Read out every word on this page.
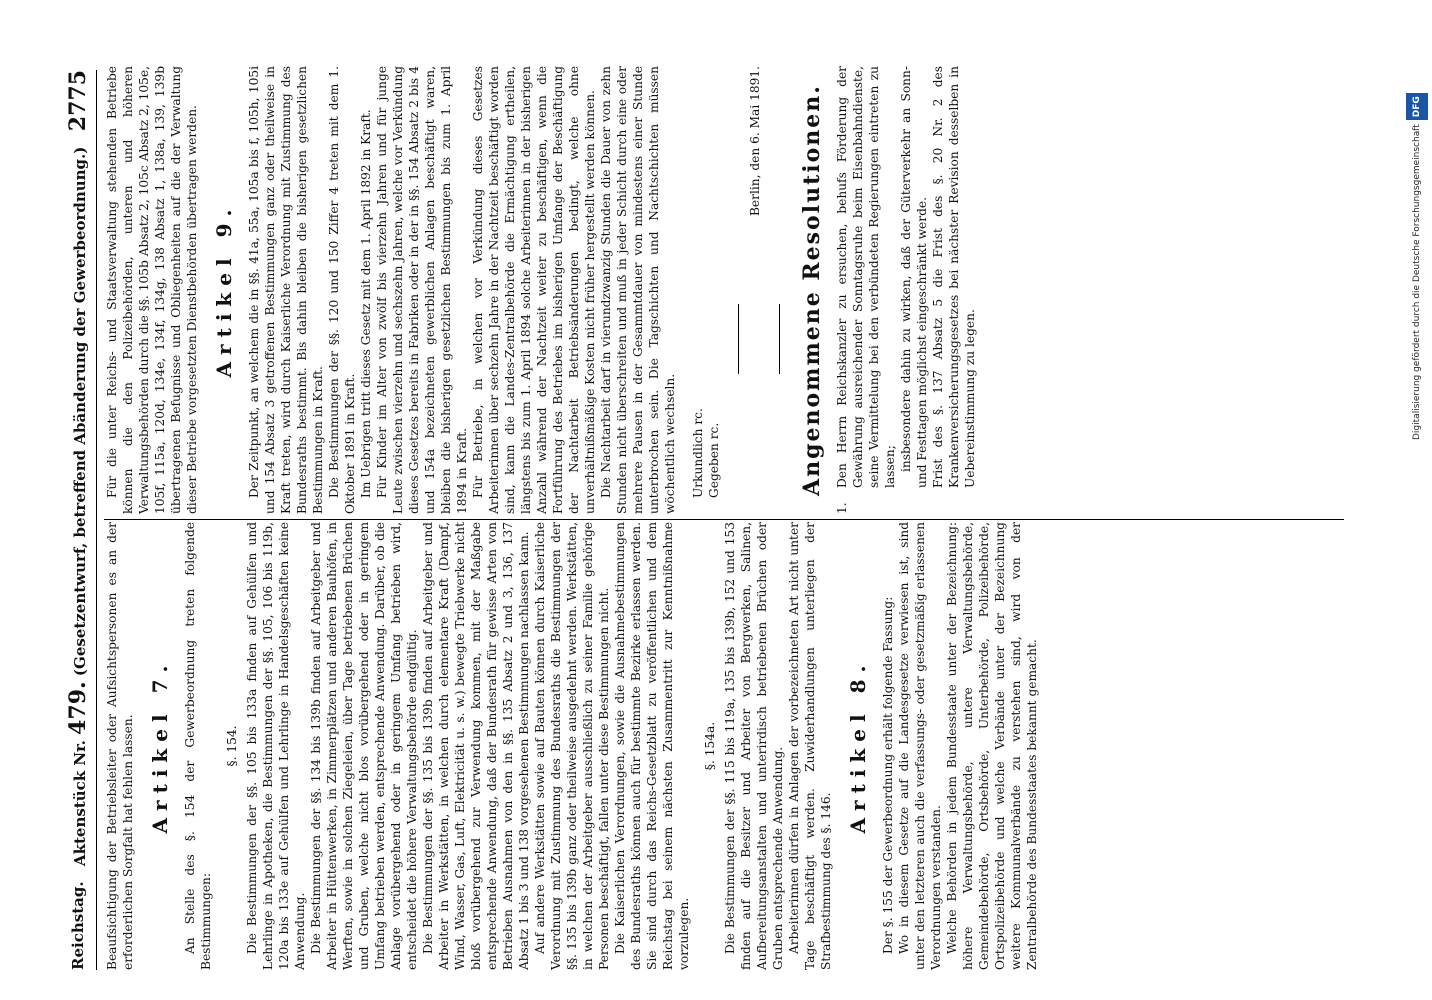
Reichstag.
Aktenstück Nr. 479. (Gesetzentwurf, betreffend Abänderung der Gewerbeordnung.)
2775

Beaufsichtigung der Betriebsleiter oder Aufsichtspersonen es an der erforderlichen Sorgfalt hat fehlen lassen. Artikel 7. An Stelle des §. 154 der Gewerbeordnung treten folgende Bestimmungen:

§. 154. Die Bestimmungen der §§. 105 bis 133a finden auf Gehülfen und Lehrlinge in Apotheken, die Bestimmungen der §§. 105, 106 bis 119b, 120a bis 133e auf Gehülfen und Lehrlinge in Handelsgeschäften keine Anwendung. Die Bestimmungen der §§. 134 bis 139b finden auf Arbeitgeber und Arbeiter in Hüttenwerken, in Zimmerplätzen und anderen Bauhöfen, in Werften, sowie in solchen Ziegeleien, über Tage betriebenen Brüchen und Gruben, welche nicht blos vorübergehend oder in geringem Umfang betrieben werden, entsprechende Anwendung. Darüber, ob die Anlage vorübergehend oder in geringem Umfang betrieben wird, entscheidet die höhere Verwaltungsbehörde endgültig. Die Bestimmungen der §§. 135 bis 139b finden auf Arbeitgeber und Arbeiter in Werkstätten, in welchen durch elementare Kraft (Dampf, Wind, Wasser, Gas, Luft, Elektricität u. s. w.) bewegte Triebwerke nicht bloß vorübergehend zur Verwendung kommen, mit der Maßgabe entsprechende Anwendung, daß der Bundesrath für gewisse Arten von Betrieben Ausnahmen von den in §§. 135 Absatz 2 und 3, 136, 137 Absatz 1 bis 3 und 138 vorgesehenen Bestimmungen nachlassen kann. Auf andere Werkstätten sowie auf Bauten können durch Kaiserliche Verordnung mit Zustimmung des Bundesraths die Bestimmungen der §§. 135 bis 139b ganz oder theilweise ausgedehnt werden. Werkstätten, in welchen der Arbeitgeber ausschließlich zu seiner Familie gehörige Personen beschäftigt, fallen unter diese Bestimmungen nicht. Die Kaiserlichen Verordnungen, sowie die Ausnahmebestimmungen des Bundesraths können auch für bestimmte Bezirke erlassen werden. Sie sind durch das Reichs-Gesetzblatt zu veröffentlichen und dem Reichstag bei seinem nächsten Zusammentritt zur Kenntnißnahme vorzulegen.

§. 154a. Die Bestimmungen der §§. 115 bis 119a, 135 bis 139b, 152 und 153 finden auf die Besitzer und Arbeiter von Bergwerken, Salinen, Aufbereitungsanstalten und unterirdisch betriebenen Brüchen oder Gruben entsprechende Anwendung. Arbeiterinnen dürfen in Anlagen der vorbezeichneten Art nicht unter Tage beschäftigt werden. Zuwiderhandlungen unterliegen der Strafbestimmung des §. 146.

Artikel 8. Der §. 155 der Gewerbeordnung erhält folgende Fassung: Wo in diesem Gesetze auf die Landesgesetze verwiesen ist, sind unter den letzteren auch die verfassungs- oder gesetzmäßig erlassenen Verordnungen verstanden. Welche Behörden in jedem Bundesstaate unter der Bezeichnung: höhere Verwaltungsbehörde, untere Verwaltungsbehörde, Gemeindebehörde, Ortsbehörde, Unterbehörde, Polizeibehörde, Ortspolizeibehörde und welche Verbände unter der Bezeichnung weitere Kommunalverbände zu verstehen sind, wird von der Zentralbehörde des Bundesstaates bekannt gemacht.

Für die unter Reichs- und Staatsverwaltung stehenden Betriebe können die den Polizeibehörden, unteren und höheren Verwaltungsbehörden durch die §§. 105b Absatz 2, 105c Absatz 2, 105e, 105f, 115a, 120d, 134e, 134f, 134g, 138 Absatz 1, 138a, 139, 139b übertragenen Befugnisse und Obliegenheiten auf die der Verwaltung dieser Betriebe vorgesetzten Dienstbehörden übertragen werden. Artikel 9. Der Zeitpunkt, an welchem die in §§. 41a, 55a, 105a bis f, 105h, 105i und 154 Absatz 3 getroffenen Bestimmungen ganz oder theilweise in Kraft treten, wird durch Kaiserliche Verordnung mit Zustimmung des Bundesraths bestimmt. Bis dahin bleiben die bisherigen gesetzlichen Bestimmungen in Kraft. Die Bestimmungen der §§. 120 und 150 Ziffer 4 treten mit dem 1. Oktober 1891 in Kraft. Im Uebrigen tritt dieses Gesetz mit dem 1. April 1892 in Kraft. Für Kinder im Alter von zwölf bis vierzehn Jahren und für junge Leute zwischen vierzehn und sechszehn Jahren, welche vor Verkündung dieses Gesetzes bereits in Fabriken oder in der in §§. 154 Absatz 2 bis 4 und 154a bezeichneten gewerblichen Anlagen beschäftigt waren, bleiben die bisherigen gesetzlichen Bestimmungen bis zum 1. April 1894 in Kraft. Für Betriebe, in welchen vor Verkündung dieses Gesetzes Arbeiterinnen über sechzehn Jahre in der Nachtzeit beschäftigt worden sind, kann die Landes-Zentralbehörde die Ermächtigung ertheilen, längstens bis zum 1. April 1894 solche Arbeiterinnen in der bisherigen Anzahl während der Nachtzeit weiter zu beschäftigen, wenn die Fortführung des Betriebes im bisherigen Umfange der Beschäftigung der Nachtarbeit Betriebsänderungen bedingt, welche ohne unverhältnißmäßige Kosten nicht früher hergestellt werden können. Die Nachtarbeit darf in vierundzwanzig Stunden die Dauer von zehn Stunden nicht überschreiten und muß in jeder Schicht durch eine oder mehrere Pausen in der Gesammtdauer von mindestens einer Stunde unterbrochen sein. Die Tagschichten und Nachtschichten müssen wöchentlich wechseln. Urkundlich rc. Gegeben rc.

Berlin, den 6. Mai 1891. Angenommene Resolutionen.
1.

Den Herrn Reichskanzler zu ersuchen, behufs Förderung der Gewährung ausreichender Sonntagsruhe beim Eisenbahndienste, seine Vermittelung bei den verbündeten Regierungen eintreten zu lassen; insbesondere dahin zu wirken, daß der Güterverkehr an Sonn- und Festtagen möglichst eingeschränkt werde. Frist des §. 137 Absatz 5 die Frist des §. 20 Nr. 2 des Krankenversicherungsgesetzes bei nächster Revision desselben in Uebereinstimmung zu legen.	Digitalisierung gefördert durch die Deutsche ForschungsgemeinschaftDFG
